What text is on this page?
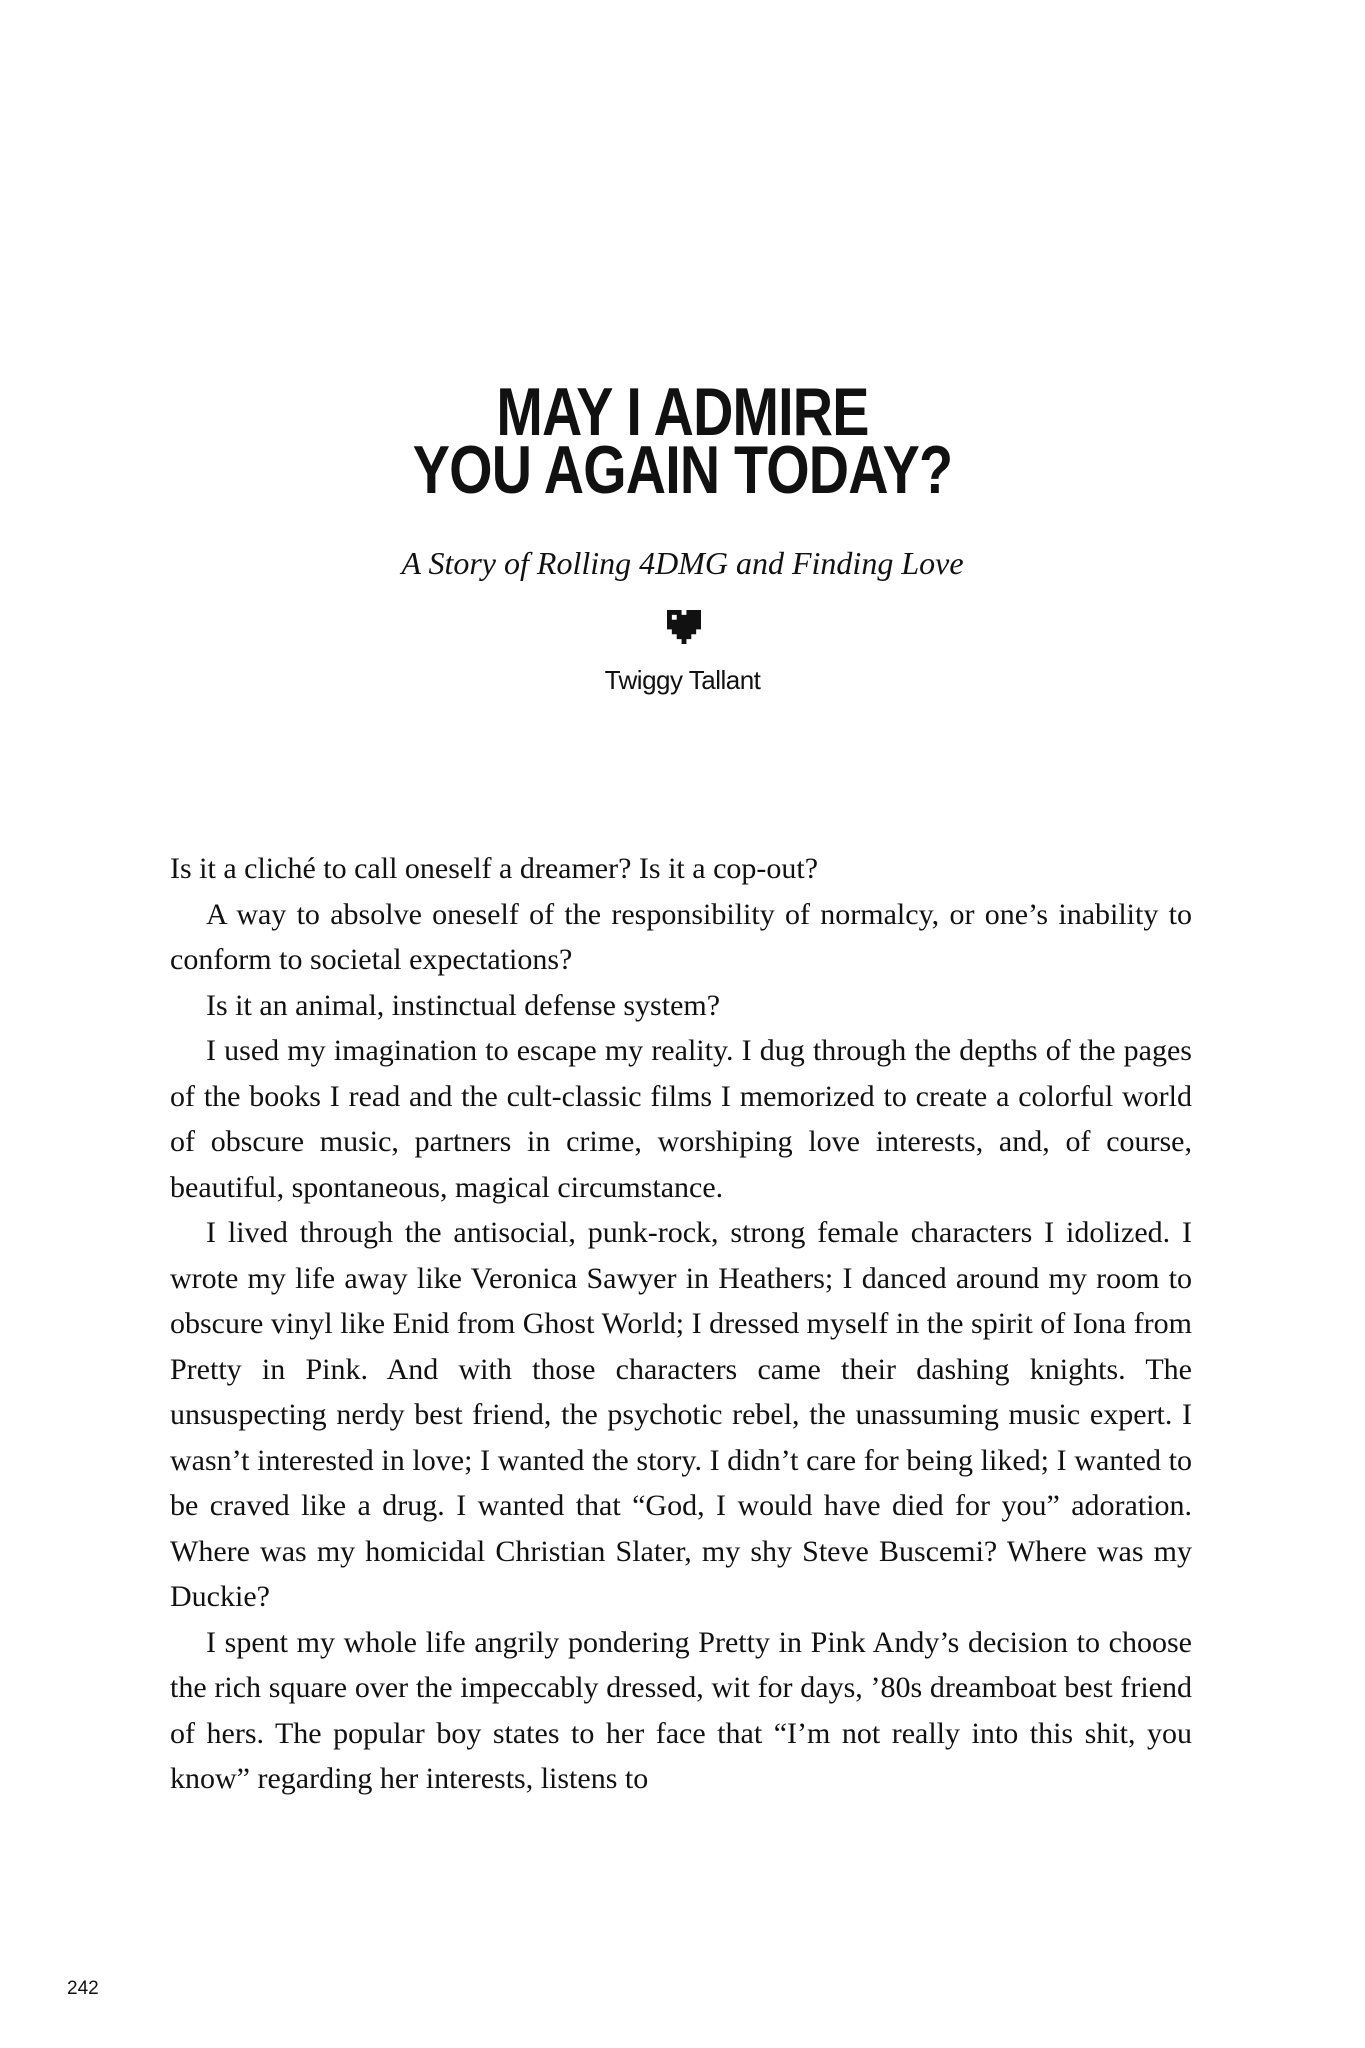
MAY I ADMIRE
YOU AGAIN TODAY?
A Story of Rolling 4DMG and Finding Love
Twiggy Tallant

Is it a cliché to call oneself a dreamer? Is it a cop-out?

A way to absolve oneself of the responsibility of normalcy, or one’s inability to conform to societal expectations?

Is it an animal, instinctual defense system?

I used my imagination to escape my reality. I dug through the depths of the pages of the books I read and the cult-classic films I memorized to create a colorful world of obscure music, partners in crime, worshiping love interests, and, of course, beautiful, spontaneous, magical circumstance.

I lived through the antisocial, punk-rock, strong female characters I idolized. I wrote my life away like Veronica Sawyer in Heathers; I danced around my room to obscure vinyl like Enid from Ghost World; I dressed myself in the spirit of Iona from Pretty in Pink. And with those characters came their dashing knights. The unsuspecting nerdy best friend, the psychotic rebel, the unassuming music expert. I wasn’t interested in love; I wanted the story. I didn’t care for being liked; I wanted to be craved like a drug. I wanted that “God, I would have died for you” adoration. Where was my homicidal Christian Slater, my shy Steve Buscemi? Where was my Duckie?

I spent my whole life angrily pondering Pretty in Pink Andy’s decision to choose the rich square over the impeccably dressed, wit for days, ’80s dreamboat best friend of hers. The popular boy states to her face that “I’m not really into this shit, you know” regarding her interests, listens to

242
